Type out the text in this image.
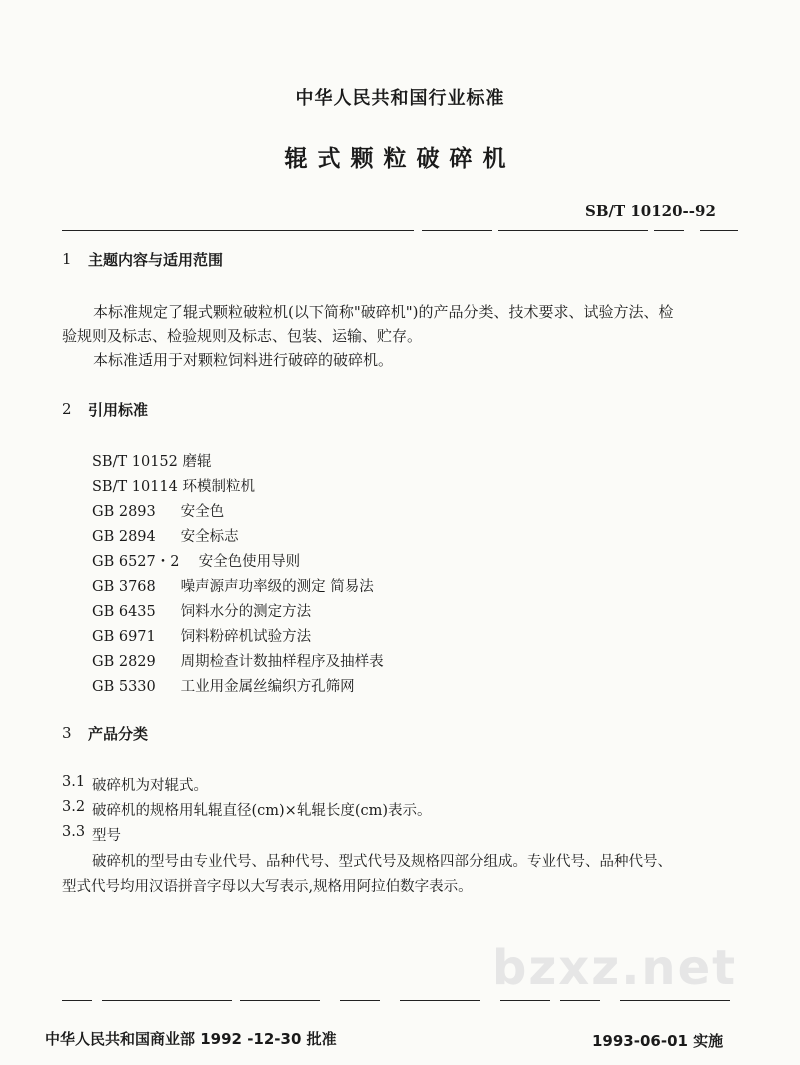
中华人民共和国行业标准
辊式颗粒破碎机
SB/T 10120--92
1 主题内容与适用范围
本标准规定了辊式颗粒破粒机(以下简称"破碎机")的产品分类、技术要求、试验方法、检
验规则及标志、检验规则及标志、包装、运输、贮存。
本标准适用于对颗粒饲料进行破碎的破碎机。
2 引用标准
SB/T 10152 磨辊
SB/T 10114 环模制粒机
GB 2893 安全色
GB 2894 安全标志
GB 6527・2 安全色使用导则
GB 3768 噪声源声功率级的测定 简易法
GB 6435 饲料水分的测定方法
GB 6971 饲料粉碎机试验方法
GB 2829 周期检查计数抽样程序及抽样表
GB 5330 工业用金属丝编织方孔筛网
3 产品分类
3.1 破碎机为对辊式。
3.2 破碎机的规格用轧辊直径(cm)×轧辊长度(cm)表示。
3.3 型号
破碎机的型号由专业代号、品种代号、型式代号及规格四部分组成。专业代号、品种代号、
型式代号均用汉语拼音字母以大写表示,规格用阿拉伯数字表示。
bzxz.net
中华人民共和国商业部 1992 -12-30 批准	1993-06-01 实施
